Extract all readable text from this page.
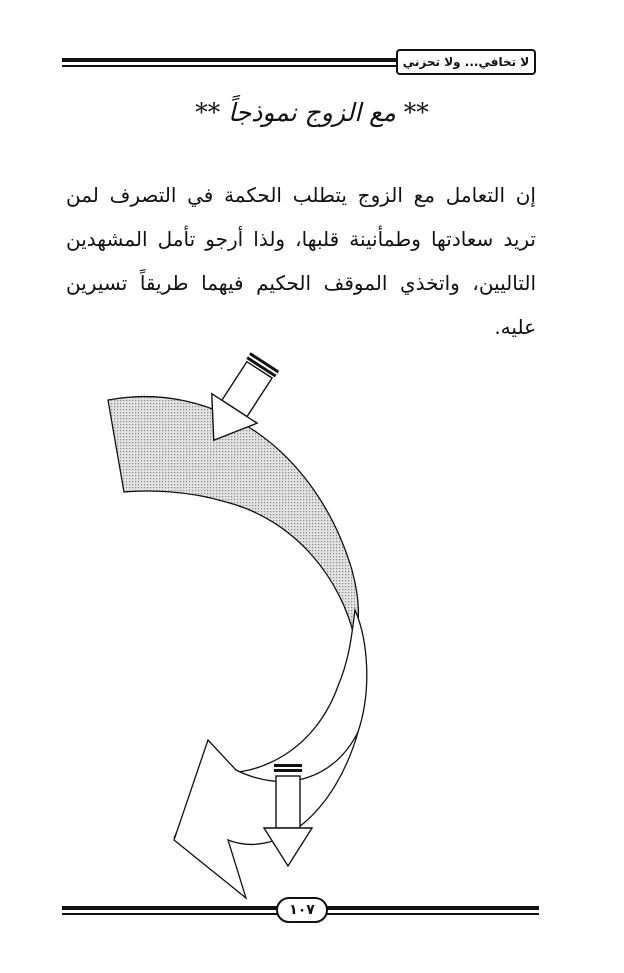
لا تخافي... ولا تحزني
** مع الزوج نموذجاً **
إن التعامل مع الزوج يتطلب الحكمة في التصرف لمن تريد سعادتها وطمأنينة قلبها، ولذا أرجو تأمل المشهدين التاليين، واتخذي الموقف الحكيم فيهما طريقاً تسيرين عليه.
١٠٧
